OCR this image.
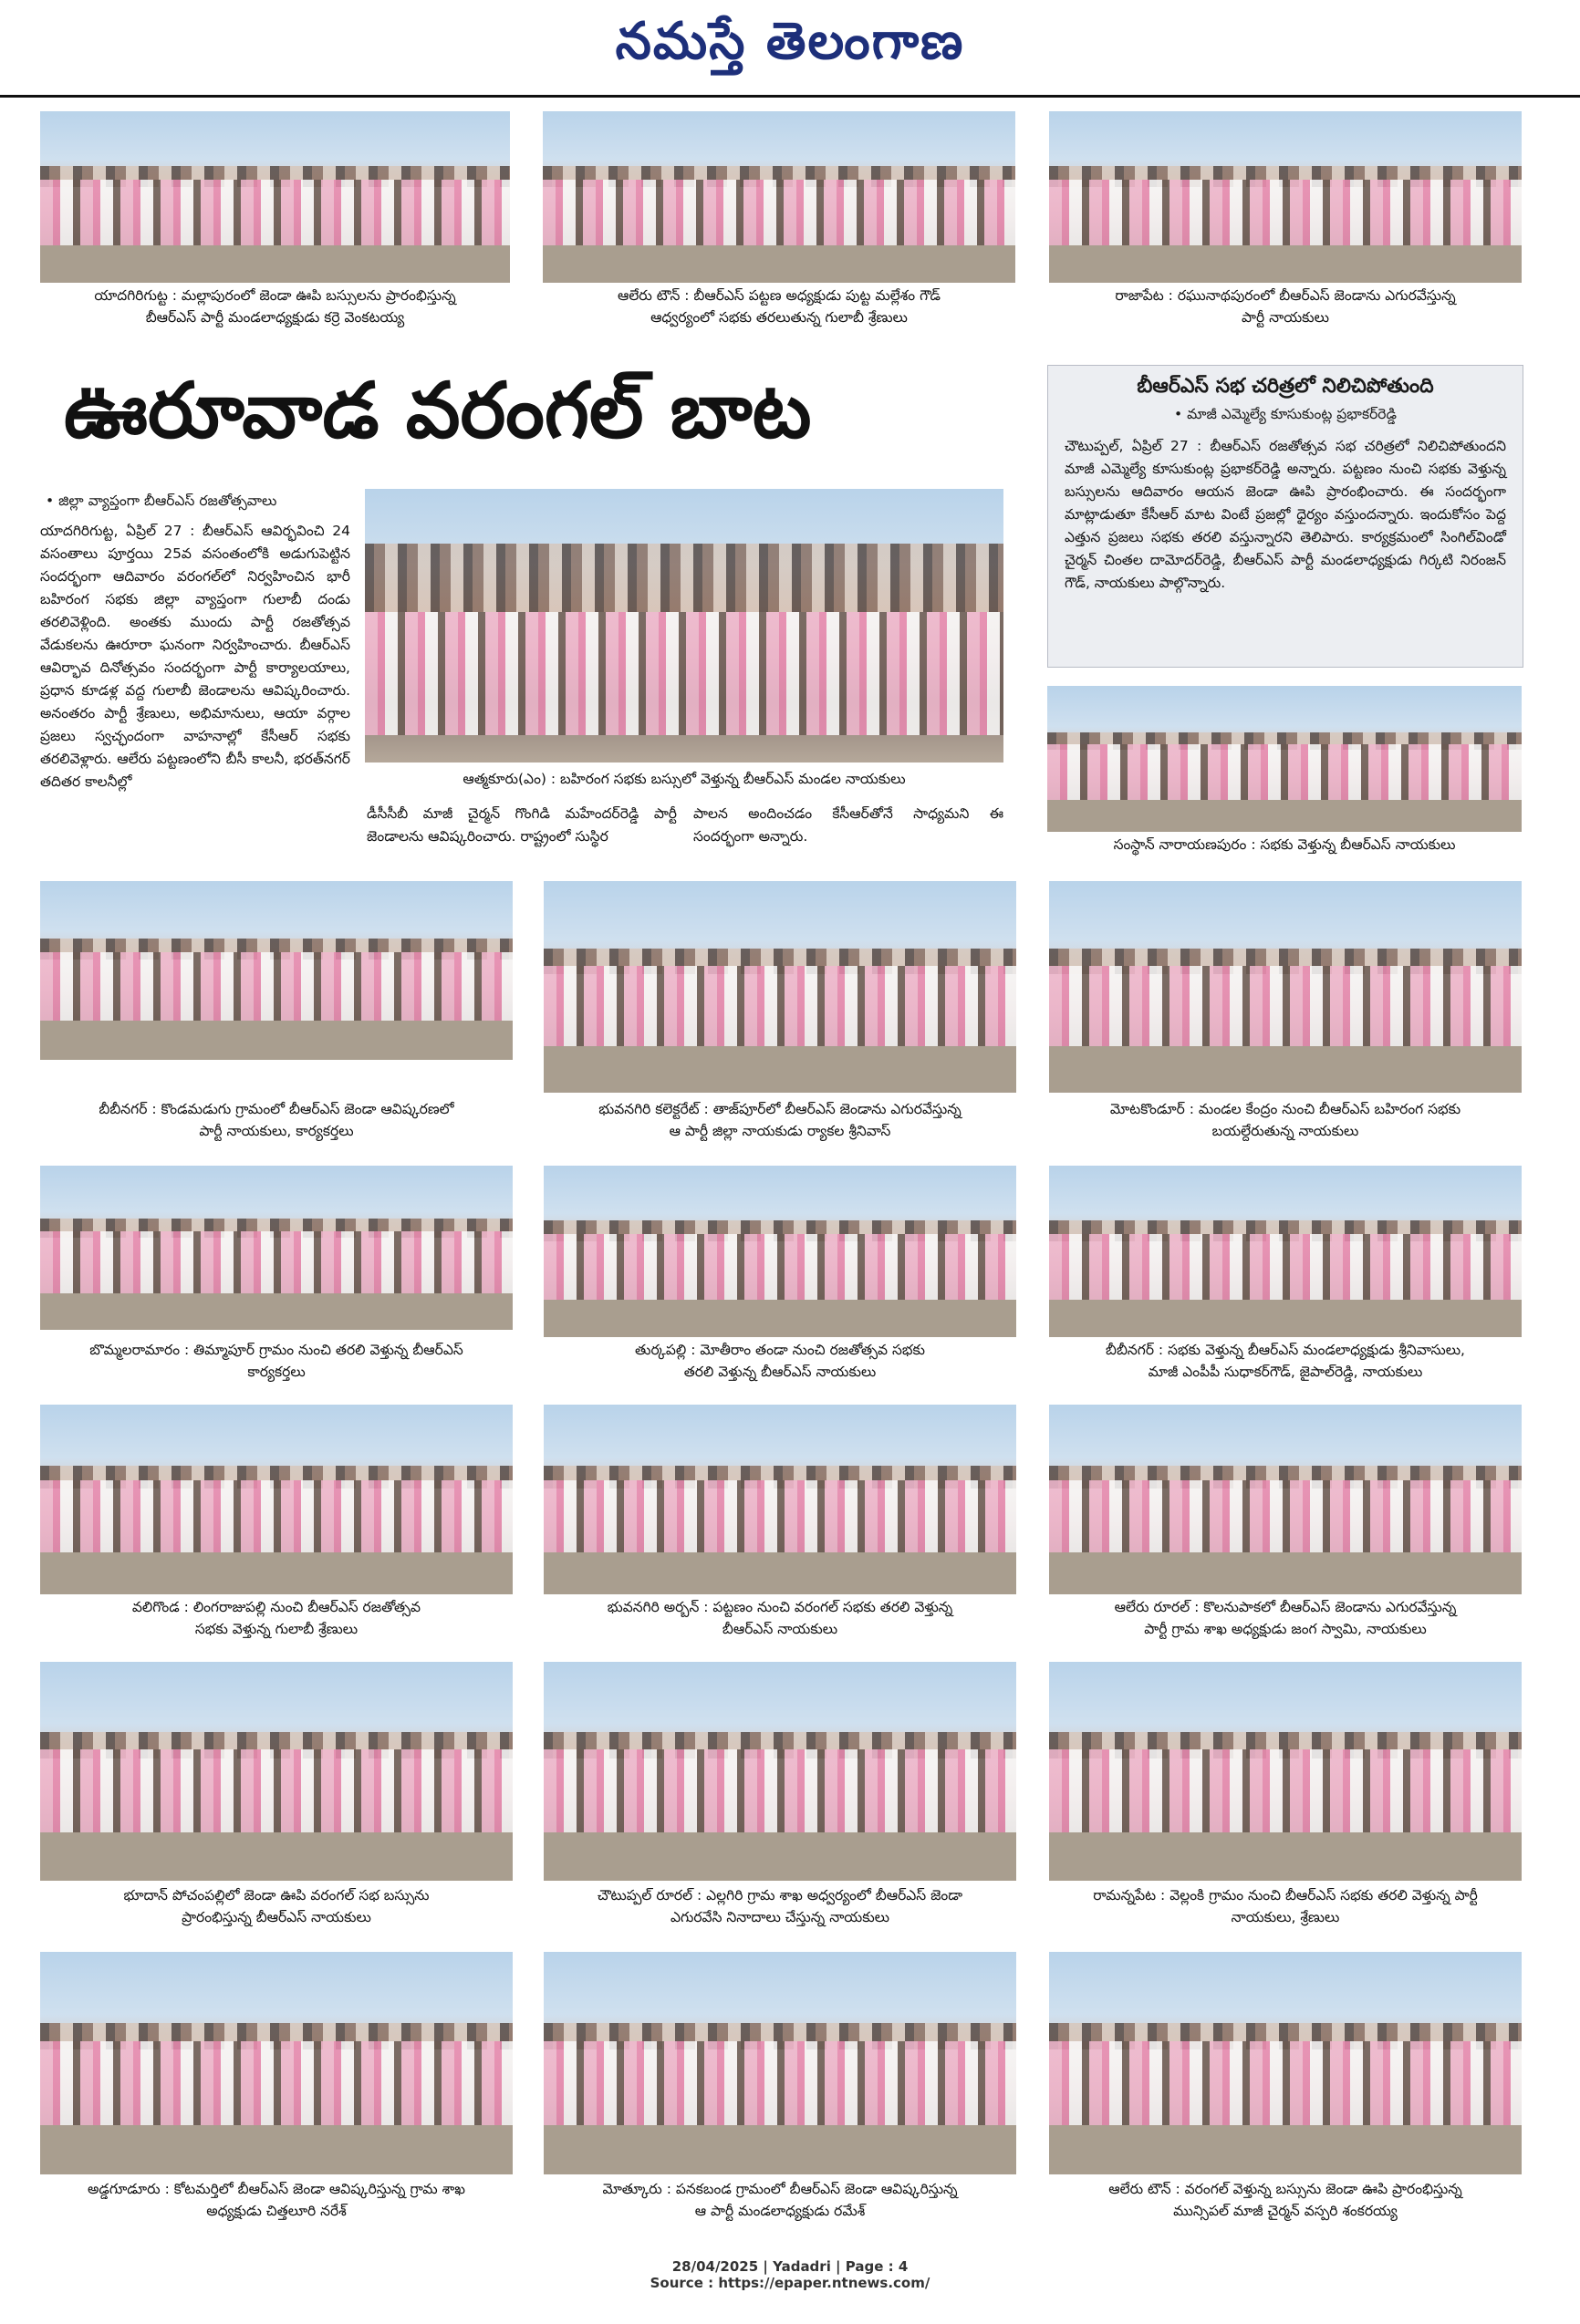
నమస్తే తెలంగాణ
యాదగిరిగుట్ట : మల్లాపురంలో జెండా ఊపి బస్సులను ప్రారంభిస్తున్న
బీఆర్ఎస్ పార్టీ మండలాధ్యక్షుడు కర్రె వెంకటయ్య
ఆలేరు టౌన్ : బీఆర్ఎస్ పట్టణ అధ్యక్షుడు పుట్ట మల్లేశం గౌడ్
ఆధ్వర్యంలో సభకు తరలుతున్న గులాబీ శ్రేణులు
రాజాపేట : రఘునాథపురంలో బీఆర్ఎస్ జెండాను ఎగురవేస్తున్న
పార్టీ నాయకులు
ఊరూవాడ వరంగల్ బాట
• జిల్లా వ్యాప్తంగా బీఆర్ఎస్ రజతోత్సవాలు
యాదగిరిగుట్ట, ఏప్రిల్ 27 : బీఆర్ఎస్ ఆవిర్భవించి 24 వసంతాలు పూర్తయి 25వ వసంతంలోకి అడుగుపెట్టిన సందర్భంగా ఆదివారం వరంగల్‌లో నిర్వహించిన భారీ బహిరంగ సభకు జిల్లా వ్యాప్తంగా గులాబీ దండు తరలివెళ్లింది. అంతకు ముందు పార్టీ రజతోత్సవ వేడుకలను ఊరూరా ఘనంగా నిర్వహించారు. బీఆర్ఎస్ ఆవిర్భావ దినోత్సవం సందర్భంగా పార్టీ కార్యాలయాలు, ప్రధాన కూడళ్ల వద్ద గులాబీ జెండాలను ఆవిష్కరించారు. అనంతరం పార్టీ శ్రేణులు, అభిమానులు, ఆయా వర్గాల ప్రజలు స్వచ్ఛందంగా వాహనాల్లో కేసీఆర్ సభకు తరలివెళ్లారు. ఆలేరు పట్టణంలోని బీసీ కాలనీ, భరత్‌నగర్ తదితర కాలనీల్లో	ఆత్మకూరు(ఎం) : బహిరంగ సభకు బస్సులో వెళ్తున్న బీఆర్ఎస్ మండల నాయకులు
డీసీసీబీ మాజీ చైర్మన్ గొంగిడి మహేందర్‌రెడ్డి పార్టీ జెండాలను ఆవిష్కరించారు. రాష్ట్రంలో సుస్థిర
పాలన అందించడం కేసీఆర్‌తోనే సాధ్యమని ఈ సందర్భంగా అన్నారు.
బీఆర్ఎస్ సభ చరిత్రలో నిలిచిపోతుంది
• మాజీ ఎమ్మెల్యే కూసుకుంట్ల ప్రభాకర్‌రెడ్డి
చౌటుప్పల్, ఏప్రిల్ 27 : బీఆర్ఎస్ రజతోత్సవ సభ చరిత్రలో నిలిచిపోతుందని మాజీ ఎమ్మెల్యే కూసుకుంట్ల ప్రభాకర్‌రెడ్డి అన్నారు. పట్టణం నుంచి సభకు వెళ్తున్న బస్సులను ఆదివారం ఆయన జెండా ఊపి ప్రారంభించారు. ఈ సందర్భంగా మాట్లాడుతూ కేసీఆర్ మాట వింటే ప్రజల్లో ధైర్యం వస్తుందన్నారు. ఇందుకోసం పెద్ద ఎత్తున ప్రజలు సభకు తరలి వస్తున్నారని తెలిపారు. కార్యక్రమంలో సింగిల్‌విండో చైర్మన్ చింతల దామోదర్‌రెడ్డి, బీఆర్ఎస్ పార్టీ మండలాధ్యక్షుడు గిర్కటి నిరంజన్ గౌడ్, నాయకులు పాల్గొన్నారు.
సంస్థాన్ నారాయణపురం : సభకు వెళ్తున్న బీఆర్ఎస్ నాయకులు
బీబీనగర్ : కొండమడుగు గ్రామంలో బీఆర్ఎస్ జెండా ఆవిష్కరణలో
పార్టీ నాయకులు, కార్యకర్తలు
భువనగిరి కలెక్టరేట్ : తాజ్‌పూర్‌లో బీఆర్ఎస్ జెండాను ఎగురవేస్తున్న
ఆ పార్టీ జిల్లా నాయకుడు ర్యాకల శ్రీనివాస్
మోటకొండూర్ : మండల కేంద్రం నుంచి బీఆర్ఎస్ బహిరంగ సభకు
బయల్దేరుతున్న నాయకులు
బొమ్మలరామారం : తిమ్మాపూర్ గ్రామం నుంచి తరలి వెళ్తున్న బీఆర్ఎస్
కార్యకర్తలు
తుర్కపల్లి : మోతీరాం తండా నుంచి రజతోత్సవ సభకు
తరలి వెళ్తున్న బీఆర్ఎస్ నాయకులు
బీబీనగర్ : సభకు వెళ్తున్న బీఆర్ఎస్ మండలాధ్యక్షుడు శ్రీనివాసులు,
మాజీ ఎంపీపీ సుధాకర్‌గౌడ్, జైపాల్‌రెడ్డి, నాయకులు
వలిగొండ : లింగరాజుపల్లి నుంచి బీఆర్ఎస్ రజతోత్సవ
సభకు వెళ్తున్న గులాబీ శ్రేణులు
భువనగిరి అర్బన్ : పట్టణం నుంచి వరంగల్ సభకు తరలి వెళ్తున్న
బీఆర్ఎస్ నాయకులు
ఆలేరు రూరల్ : కొలనుపాకలో బీఆర్ఎస్ జెండాను ఎగురవేస్తున్న
పార్టీ గ్రామ శాఖ అధ్యక్షుడు జంగ స్వామి, నాయకులు
భూదాన్ పోచంపల్లిలో జెండా ఊపి వరంగల్ సభ బస్సును
ప్రారంభిస్తున్న బీఆర్ఎస్ నాయకులు
చౌటుప్పల్ రూరల్ : ఎల్లగిరి గ్రామ శాఖ అధ్వర్యంలో బీఆర్ఎస్ జెండా
ఎగురవేసి నినాదాలు చేస్తున్న నాయకులు
రామన్నపేట : వెల్లంకి గ్రామం నుంచి బీఆర్ఎస్ సభకు తరలి వెళ్తున్న పార్టీ
నాయకులు, శ్రేణులు
అడ్డగూడూరు : కోటమర్తిలో బీఆర్ఎస్ జెండా ఆవిష్కరిస్తున్న గ్రామ శాఖ
అధ్యక్షుడు చిత్తలూరి నరేశ్
మోత్కూరు : పనకబండ గ్రామంలో బీఆర్ఎస్ జెండా ఆవిష్కరిస్తున్న
ఆ పార్టీ మండలాధ్యక్షుడు రమేశ్
ఆలేరు టౌన్ : వరంగల్ వెళ్తున్న బస్సును జెండా ఊపి ప్రారంభిస్తున్న
మున్సిపల్ మాజీ చైర్మన్ వస్పరి శంకరయ్య
28/04/2025 | Yadadri | Page : 4
Source : https://epaper.ntnews.com/
